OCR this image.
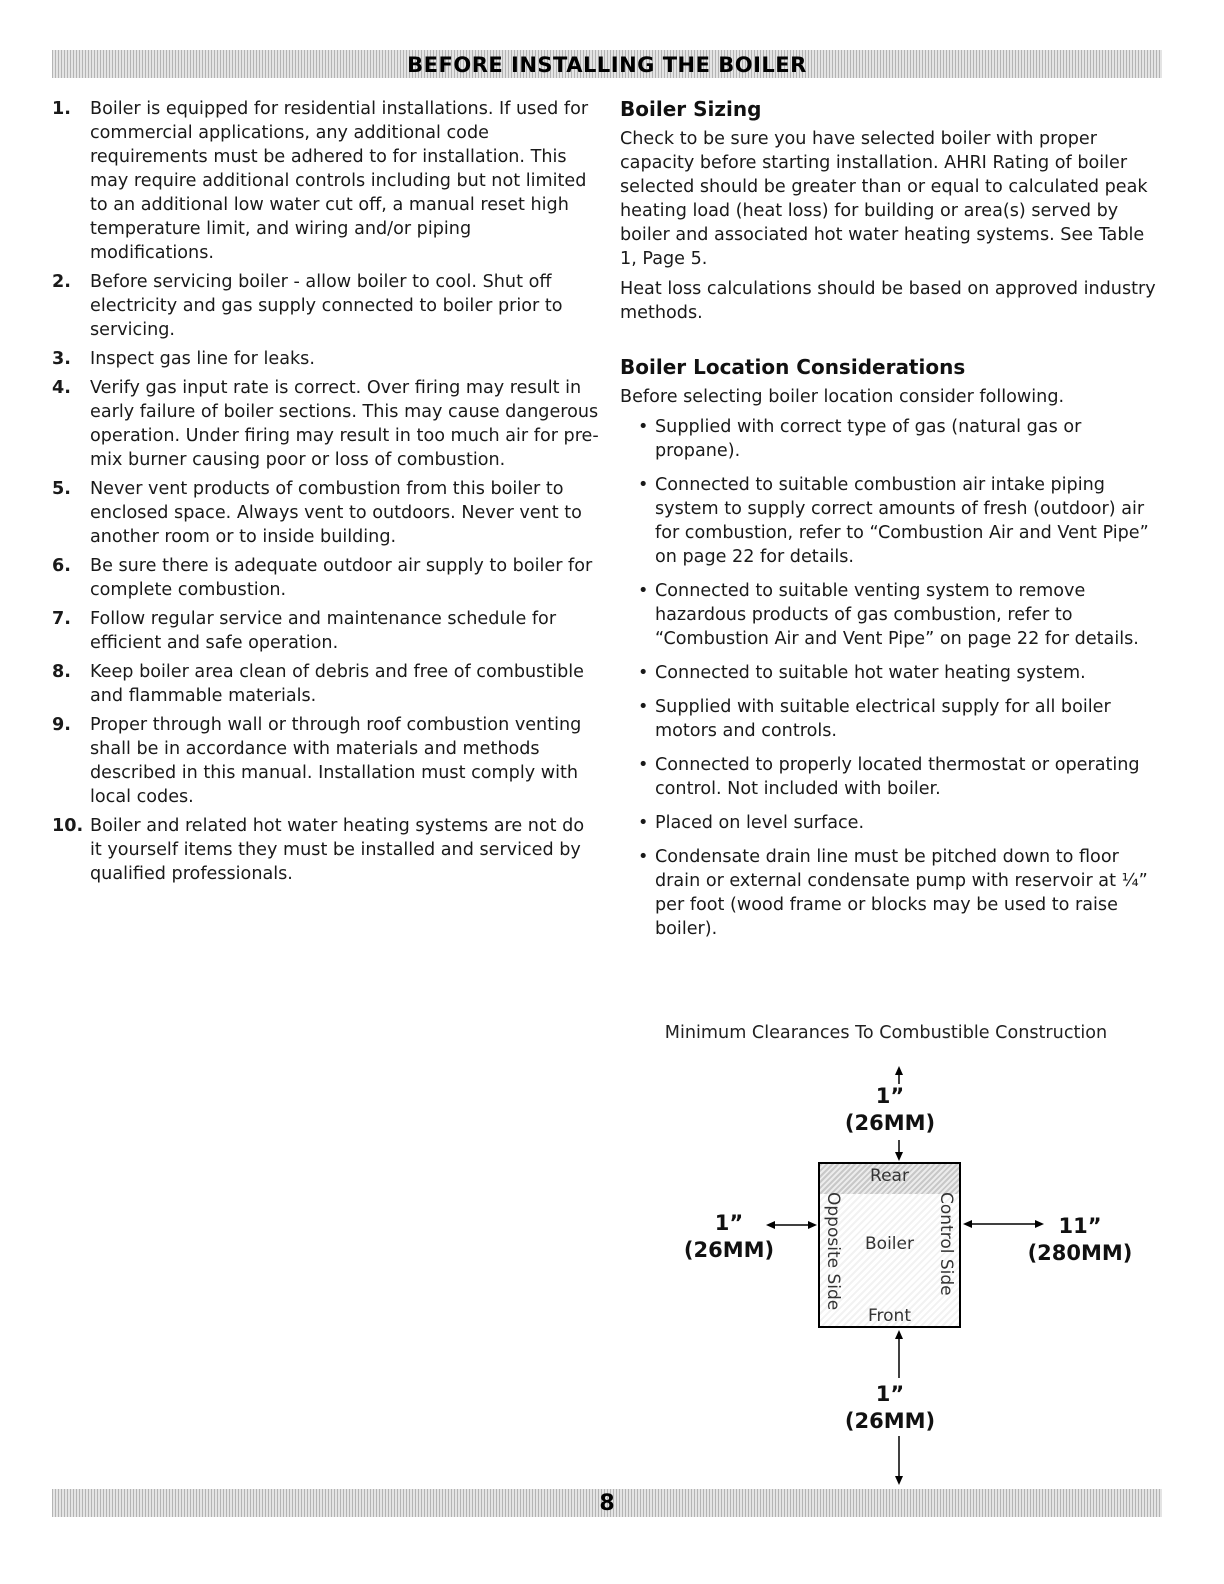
BEFORE INSTALLING THE BOILER
1. Boiler is equipped for residential installations. If used for commercial applications, any additional code requirements must be adhered to for installation. This may require additional controls including but not limited to an additional low water cut off, a manual reset high temperature limit, and wiring and/or piping modifications.
2. Before servicing boiler - allow boiler to cool. Shut off electricity and gas supply connected to boiler prior to servicing.
3. Inspect gas line for leaks.
4. Verify gas input rate is correct. Over firing may result in early failure of boiler sections. This may cause dangerous operation. Under firing may result in too much air for pre-mix burner causing poor or loss of combustion.
5. Never vent products of combustion from this boiler to enclosed space. Always vent to outdoors. Never vent to another room or to inside building.
6. Be sure there is adequate outdoor air supply to boiler for complete combustion.
7. Follow regular service and maintenance schedule for efficient and safe operation.
8. Keep boiler area clean of debris and free of combustible and flammable materials.
9. Proper through wall or through roof combustion venting shall be in accordance with materials and methods described in this manual. Installation must comply with local codes.
10. Boiler and related hot water heating systems are not do it yourself items they must be installed and serviced by qualified professionals.
Boiler Sizing

Check to be sure you have selected boiler with proper capacity before starting installation. AHRI Rating of boiler selected should be greater than or equal to calculated peak heating load (heat loss) for building or area(s) served by boiler and associated hot water heating systems. See Table 1, Page 5.

Heat loss calculations should be based on approved industry methods.

Boiler Location Considerations

Before selecting boiler location consider following.

• Supplied with correct type of gas (natural gas or propane).
• Connected to suitable combustion air intake piping system to supply correct amounts of fresh (outdoor) air for combustion, refer to “Combustion Air and Vent Pipe” on page 22 for details.
• Connected to suitable venting system to remove hazardous products of gas combustion, refer to “Combustion Air and Vent Pipe” on page 22 for details.
• Connected to suitable hot water heating system.
• Supplied with suitable electrical supply for all boiler motors and controls.
• Connected to properly located thermostat or operating control. Not included with boiler.
• Placed on level surface.
• Condensate drain line must be pitched down to floor drain or external condensate pump with reservoir at ¼” per foot (wood frame or blocks may be used to raise boiler).
Minimum Clearances To Combustible Construction
Rear
Opposite Side	Boiler	Control Side
Front
1”
(26MM)
1”
(26MM)
11”
(280MM)
1”
(26MM)
8
